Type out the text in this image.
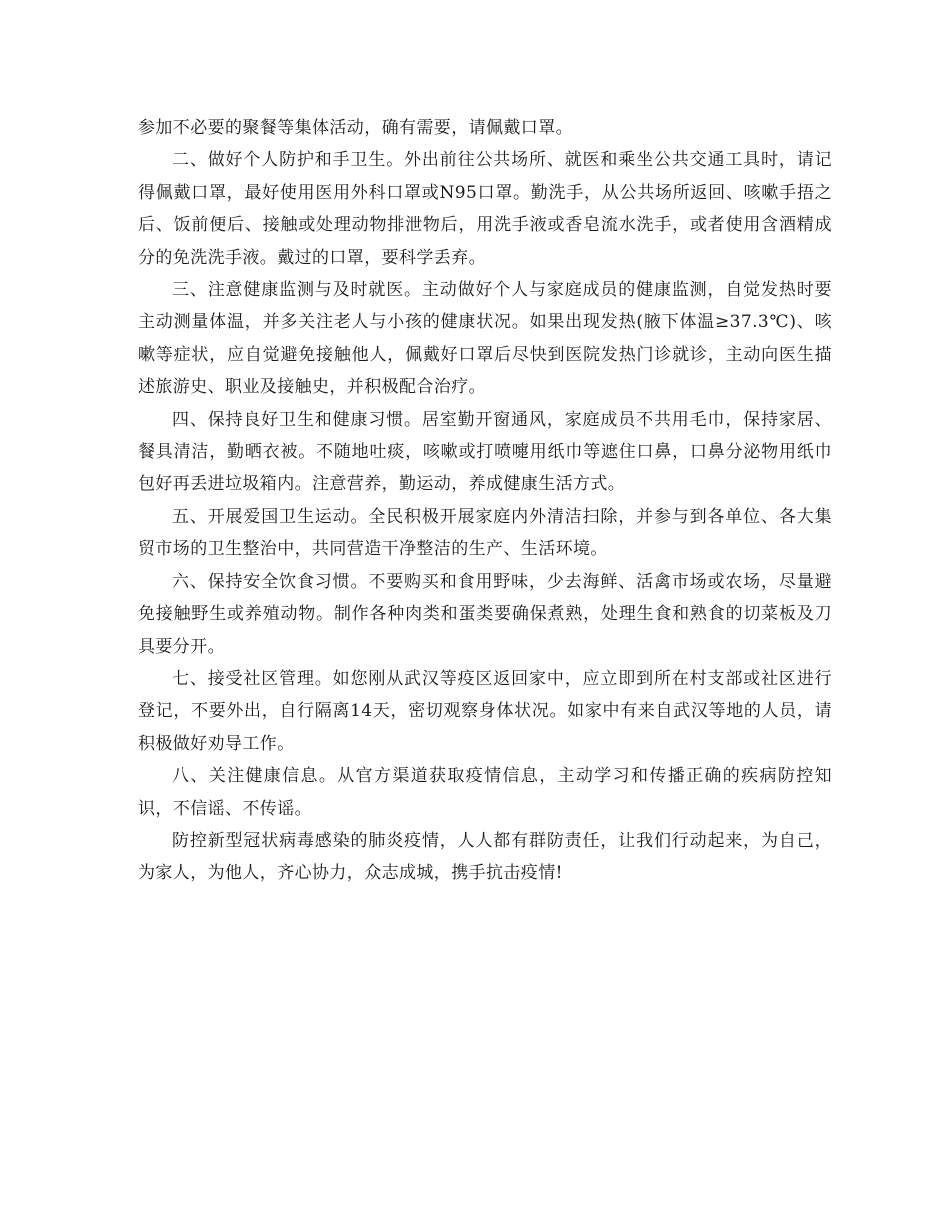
参加不必要的聚餐等集体活动，确有需要，请佩戴口罩。

二、做好个人防护和手卫生。外出前往公共场所、就医和乘坐公共交通工具时，请记得佩戴口罩，最好使用医用外科口罩或N95口罩。勤洗手，从公共场所返回、咳嗽手捂之后、饭前便后、接触或处理动物排泄物后，用洗手液或香皂流水洗手，或者使用含酒精成分的免洗洗手液。戴过的口罩，要科学丢弃。

三、注意健康监测与及时就医。主动做好个人与家庭成员的健康监测，自觉发热时要主动测量体温，并多关注老人与小孩的健康状况。如果出现发热(腋下体温≥37.3℃)、咳嗽等症状，应自觉避免接触他人，佩戴好口罩后尽快到医院发热门诊就诊，主动向医生描述旅游史、职业及接触史，并积极配合治疗。

四、保持良好卫生和健康习惯。居室勤开窗通风，家庭成员不共用毛巾，保持家居、餐具清洁，勤晒衣被。不随地吐痰，咳嗽或打喷嚏用纸巾等遮住口鼻，口鼻分泌物用纸巾包好再丢进垃圾箱内。注意营养，勤运动，养成健康生活方式。

五、开展爱国卫生运动。全民积极开展家庭内外清洁扫除，并参与到各单位、各大集贸市场的卫生整治中，共同营造干净整洁的生产、生活环境。

六、保持安全饮食习惯。不要购买和食用野味，少去海鲜、活禽市场或农场，尽量避免接触野生或养殖动物。制作各种肉类和蛋类要确保煮熟，处理生食和熟食的切菜板及刀具要分开。

七、接受社区管理。如您刚从武汉等疫区返回家中，应立即到所在村支部或社区进行登记，不要外出，自行隔离14天，密切观察身体状况。如家中有来自武汉等地的人员，请积极做好劝导工作。

八、关注健康信息。从官方渠道获取疫情信息，主动学习和传播正确的疾病防控知识，不信谣、不传谣。

防控新型冠状病毒感染的肺炎疫情，人人都有群防责任，让我们行动起来，为自己，为家人，为他人，齐心协力，众志成城，携手抗击疫情!
